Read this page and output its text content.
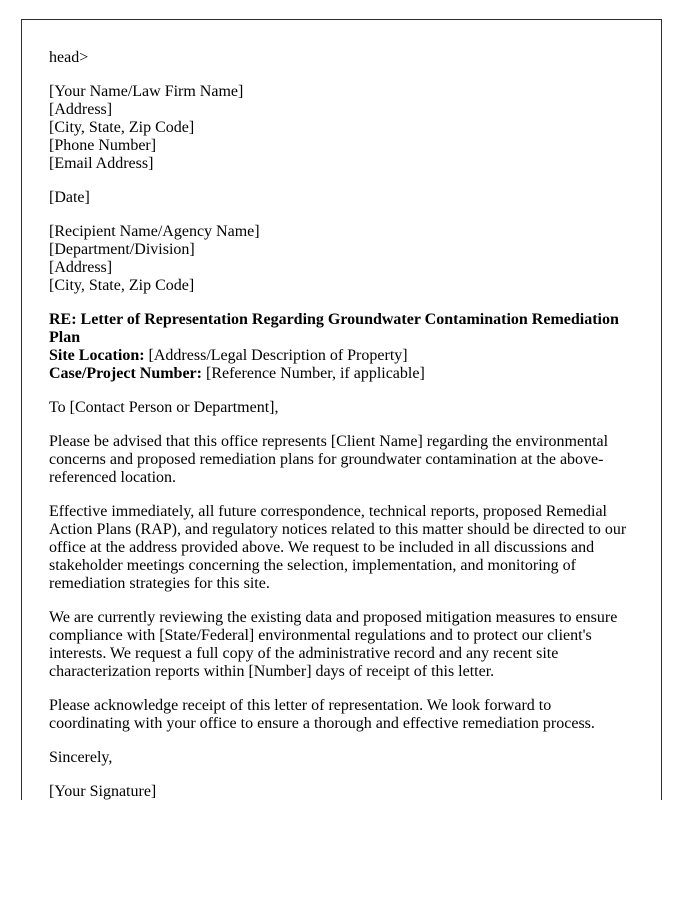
head>

[Your Name/Law Firm Name]
[Address]
[City, State, Zip Code]
[Phone Number]
[Email Address]

[Date]

[Recipient Name/Agency Name]
[Department/Division]
[Address]
[City, State, Zip Code]

RE: Letter of Representation Regarding Groundwater Contamination Remediation Plan
Site Location: [Address/Legal Description of Property]
Case/Project Number: [Reference Number, if applicable]

To [Contact Person or Department],

Please be advised that this office represents [Client Name] regarding the environmental concerns and proposed remediation plans for groundwater contamination at the above-referenced location.

Effective immediately, all future correspondence, technical reports, proposed Remedial Action Plans (RAP), and regulatory notices related to this matter should be directed to our office at the address provided above. We request to be included in all discussions and stakeholder meetings concerning the selection, implementation, and monitoring of remediation strategies for this site.

We are currently reviewing the existing data and proposed mitigation measures to ensure compliance with [State/Federal] environmental regulations and to protect our client's interests. We request a full copy of the administrative record and any recent site characterization reports within [Number] days of receipt of this letter.

Please acknowledge receipt of this letter of representation. We look forward to coordinating with your office to ensure a thorough and effective remediation process.

Sincerely,

[Your Signature]
